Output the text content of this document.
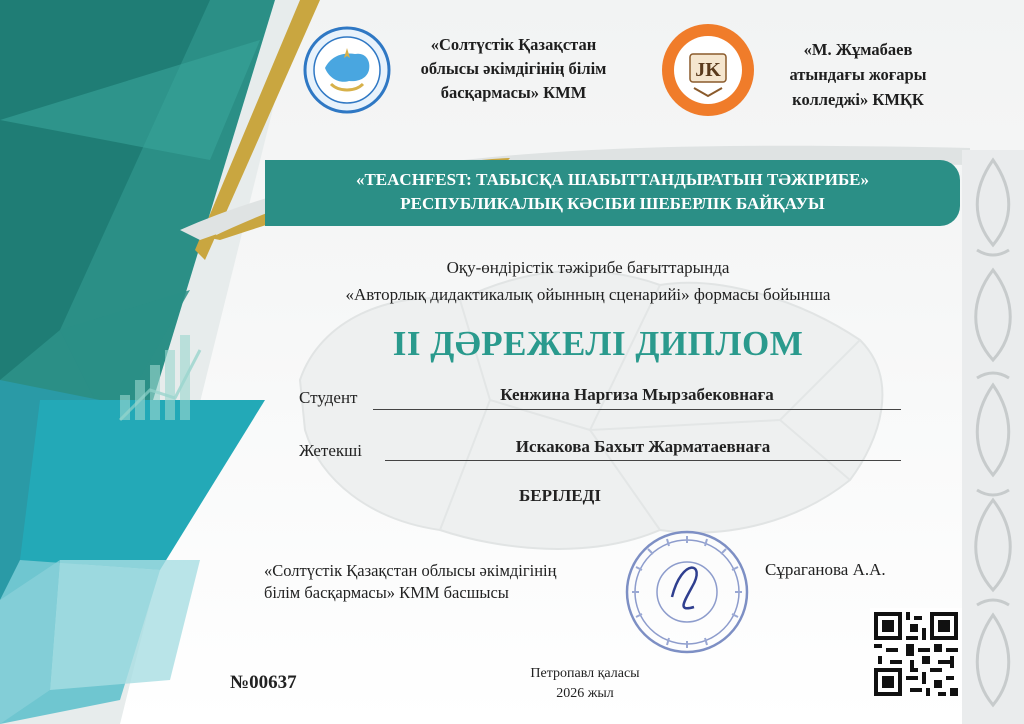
«TEACHFEST: ТАБЫСҚА ШАБЫТТАНДЫРАТЫН ТӘЖІРИБЕ»
РЕСПУБЛИКАЛЫҚ КӘСІБИ ШЕБЕРЛІК БАЙҚАУЫ
«Солтүстік Қазақстан
облысы әкімдігінің білім
басқармасы» КММ
JK
«М. Жұмабаев
атындағы жоғары
колледжі» КМҚК
Оқу-өндірістік тәжірибе бағыттарында
«Авторлық дидактикалық ойынның сценарийі» формасы бойынша
ІІ ДӘРЕЖЕЛІ ДИПЛОМ
Студент	Кенжина Наргиза Мырзабековнаға
Жетекші	Искакова Бахыт Жарматаевнаға
БЕРІЛЕДІ
«Солтүстік Қазақстан облысы әкімдігінің
білім басқармасы» КММ басшысы
Сұраганова А.А.
№00637	Петропавл қаласы
2026 жыл
